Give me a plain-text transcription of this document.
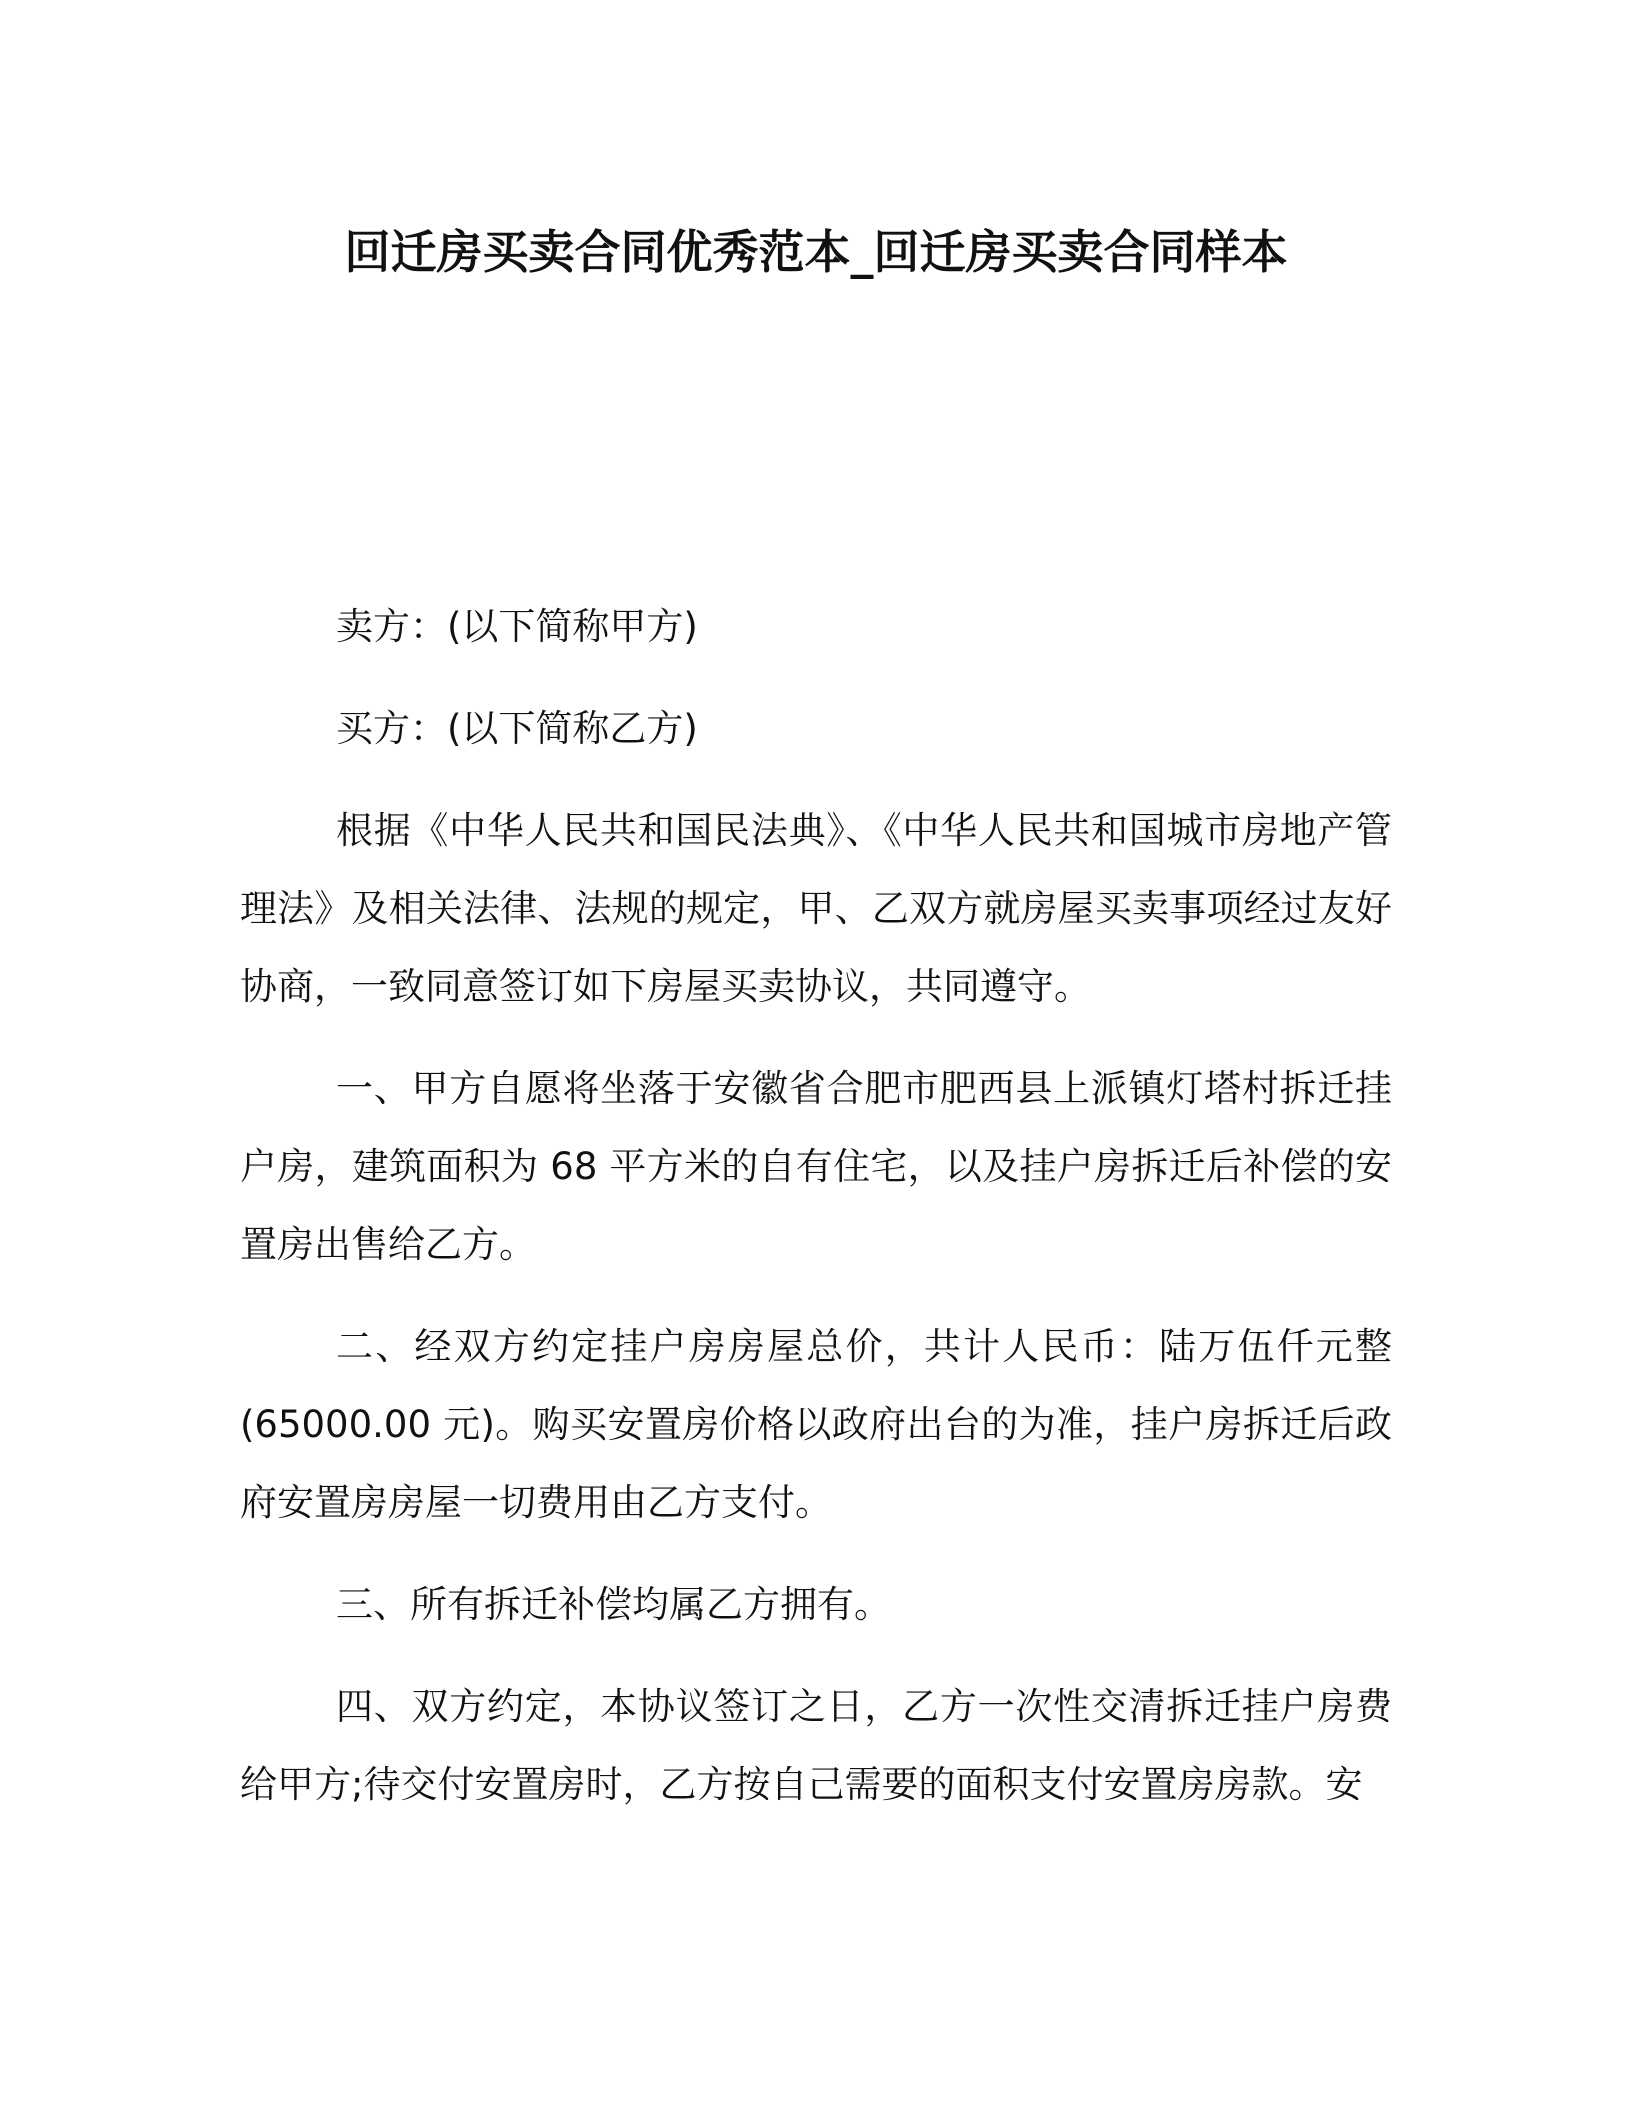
回迁房买卖合同优秀范本_回迁房买卖合同样本

卖方：(以下简称甲方)

买方：(以下简称乙方)

根据《中华人民共和国民法典》、《中华人民共和国城市房地产管理法》及相关法律、法规的规定，甲、乙双方就房屋买卖事项经过友好协商，一致同意签订如下房屋买卖协议，共同遵守。

一、甲方自愿将坐落于安徽省合肥市肥西县上派镇灯塔村拆迁挂户房，建筑面积为 68 平方米的自有住宅，以及挂户房拆迁后补偿的安置房出售给乙方。

二、经双方约定挂户房房屋总价，共计人民币：陆万伍仟元整(65000.00 元)。购买安置房价格以政府出台的为准，挂户房拆迁后政府安置房房屋一切费用由乙方支付。

三、所有拆迁补偿均属乙方拥有。

四、双方约定，本协议签订之日，乙方一次性交清拆迁挂户房费给甲方;待交付安置房时，乙方按自己需要的面积支付安置房房款。安
